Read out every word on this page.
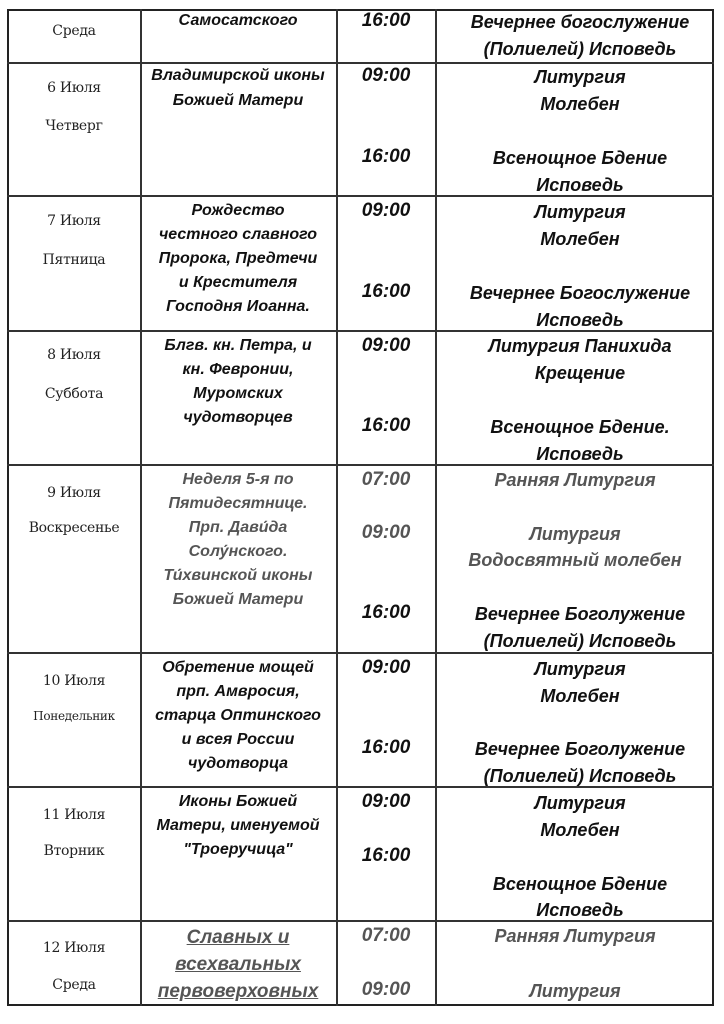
Среда
Самосатского	16:00	Вечернее богослужение
(Полиелей) Исповедь
6 Июля
Четверг
Владимирской иконы
Божией Матери
09:00
16:00
Литургия
Молебен
Всенощное Бдение
Исповедь
7 Июля
Пятница
Рождество
честного славного
Пророка, Предтечи
и Крестителя
Господня Иоанна.
09:00
16:00
Литургия
Молебен
Вечернее Богослужение
Исповедь
8 Июля
Суббота
Блгв. кн. Петра, и
кн. Февронии,
Муромских
чудотворцев
09:00
16:00
Литургия Панихида
Крещение
Всенощное Бдение.
Исповедь
9 Июля
Воскресенье
Неделя 5-я по
Пятидесятнице.
Прп. Дави́да
Солу́нского.
Ти́хвинской иконы
Божией Матери
07:00
09:00
16:00
Ранняя Литургия
Литургия
Водосвятный молебен
Вечернее Боголужение
(Полиелей) Исповедь
10 Июля
Понедельник
Обретение мощей
прп. Амвросия,
старца Оптинского
и всея России
чудотворца
09:00
16:00
Литургия
Молебен
Вечернее Боголужение
(Полиелей) Исповедь
11 Июля
Вторник
Иконы Божией
Матери, именуемой
"Троеручица"
09:00
16:00
Литургия
Молебен
Всенощное Бдение
Исповедь
12 Июля
Среда
Славных и
всехвальных
первоверховных
07:00
09:00
Ранняя Литургия
Литургия
